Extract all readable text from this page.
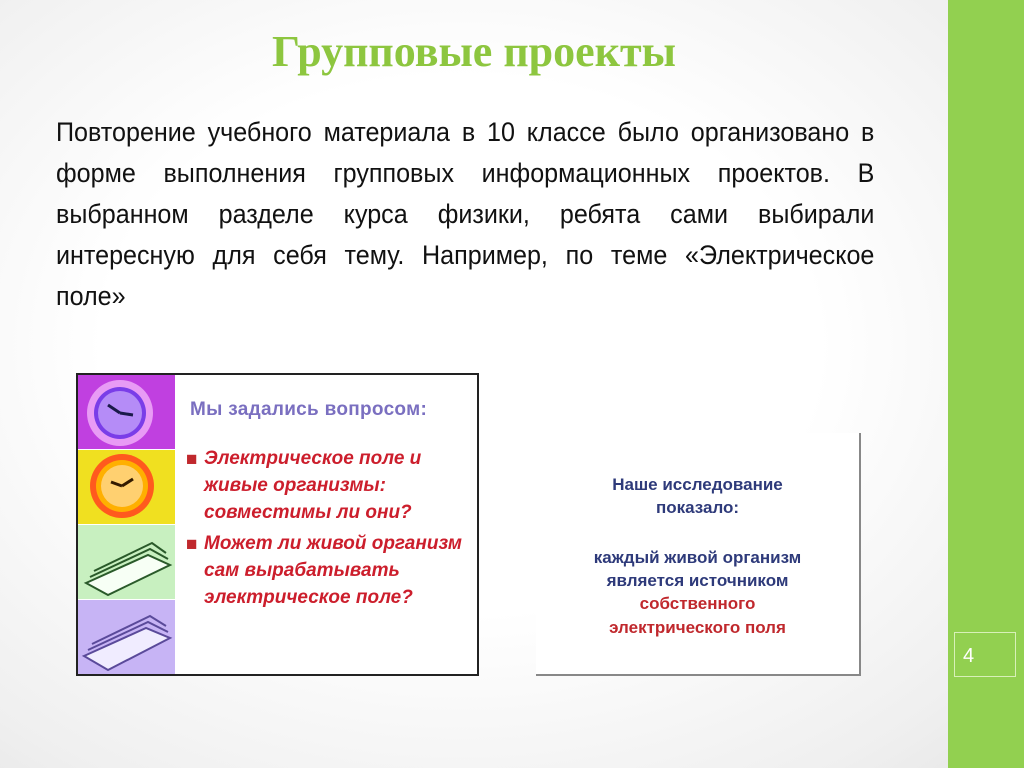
Групповые проекты

Повторение учебного материала в 10 классе было организовано в форме выполнения групповых информационных проектов. В выбранном разделе курса физики, ребята сами выбирали интересную для себя тему. Например, по теме «Электрическое поле»

Мы задались вопросом:

■ Электрическое поле и живые организмы: совместимы ли они?
■ Может ли живой организм сам вырабатывать электрическое поле?

Наше исследование
показало:

каждый живой организм

является источником

собственного

электрического поля

4
